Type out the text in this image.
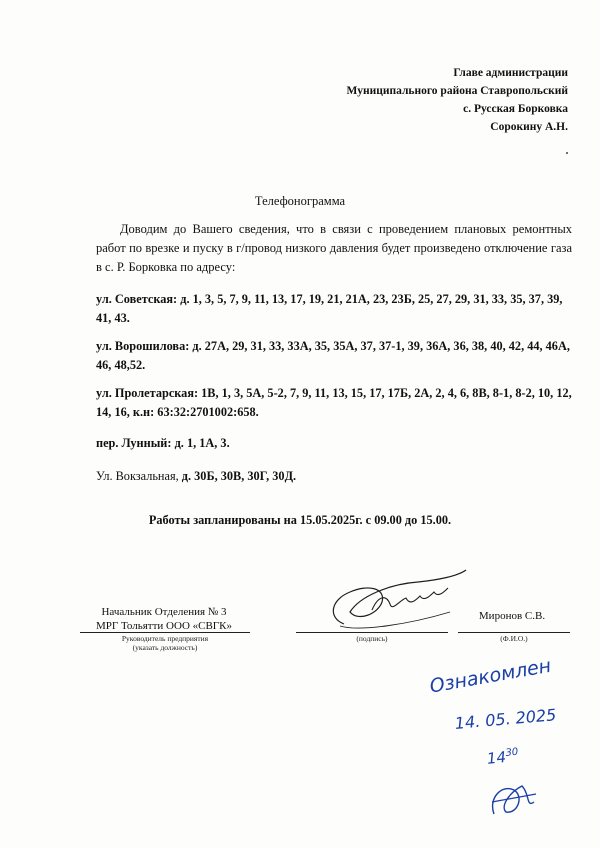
Главе администрации
Муниципального района Ставропольский
с. Русская Борковка
Сорокину А.Н.
Телефонограмма

Доводим до Вашего сведения, что в связи с проведением плановых ремонтных работ по врезке и пуску в г/провод низкого давления будет произведено отключение газа в с. Р. Борковка по адресу:

ул. Советская: д. 1, 3, 5, 7, 9, 11, 13, 17, 19, 21, 21А, 23, 23Б, 25, 27, 29, 31, 33, 35, 37, 39, 41, 43.

ул. Ворошилова: д. 27А, 29, 31, 33, 33А, 35, 35А, 37, 37-1, 39, 36А, 36, 38, 40, 42, 44, 46А, 46, 48,52.

ул. Пролетарская: 1В, 1, 3, 5А, 5-2, 7, 9, 11, 13, 15, 17, 17Б, 2А, 2, 4, 6, 8В, 8-1, 8-2, 10, 12, 14, 16, к.н: 63:32:2701002:658.

пер. Лунный: д. 1, 1А, 3.

Ул. Вокзальная, д. 30Б, 30В, 30Г, 30Д.

Работы запланированы на 15.05.2025г. с 09.00 до 15.00.
Начальник Отделения № 3
МРГ Тольятти ООО «СВГК»
Руководитель предприятия
(указать должность)
(подпись)
Миронов С.В.
(Ф.И.О.)
Ознакомлен
14. 05. 2025
$14^{30}$
